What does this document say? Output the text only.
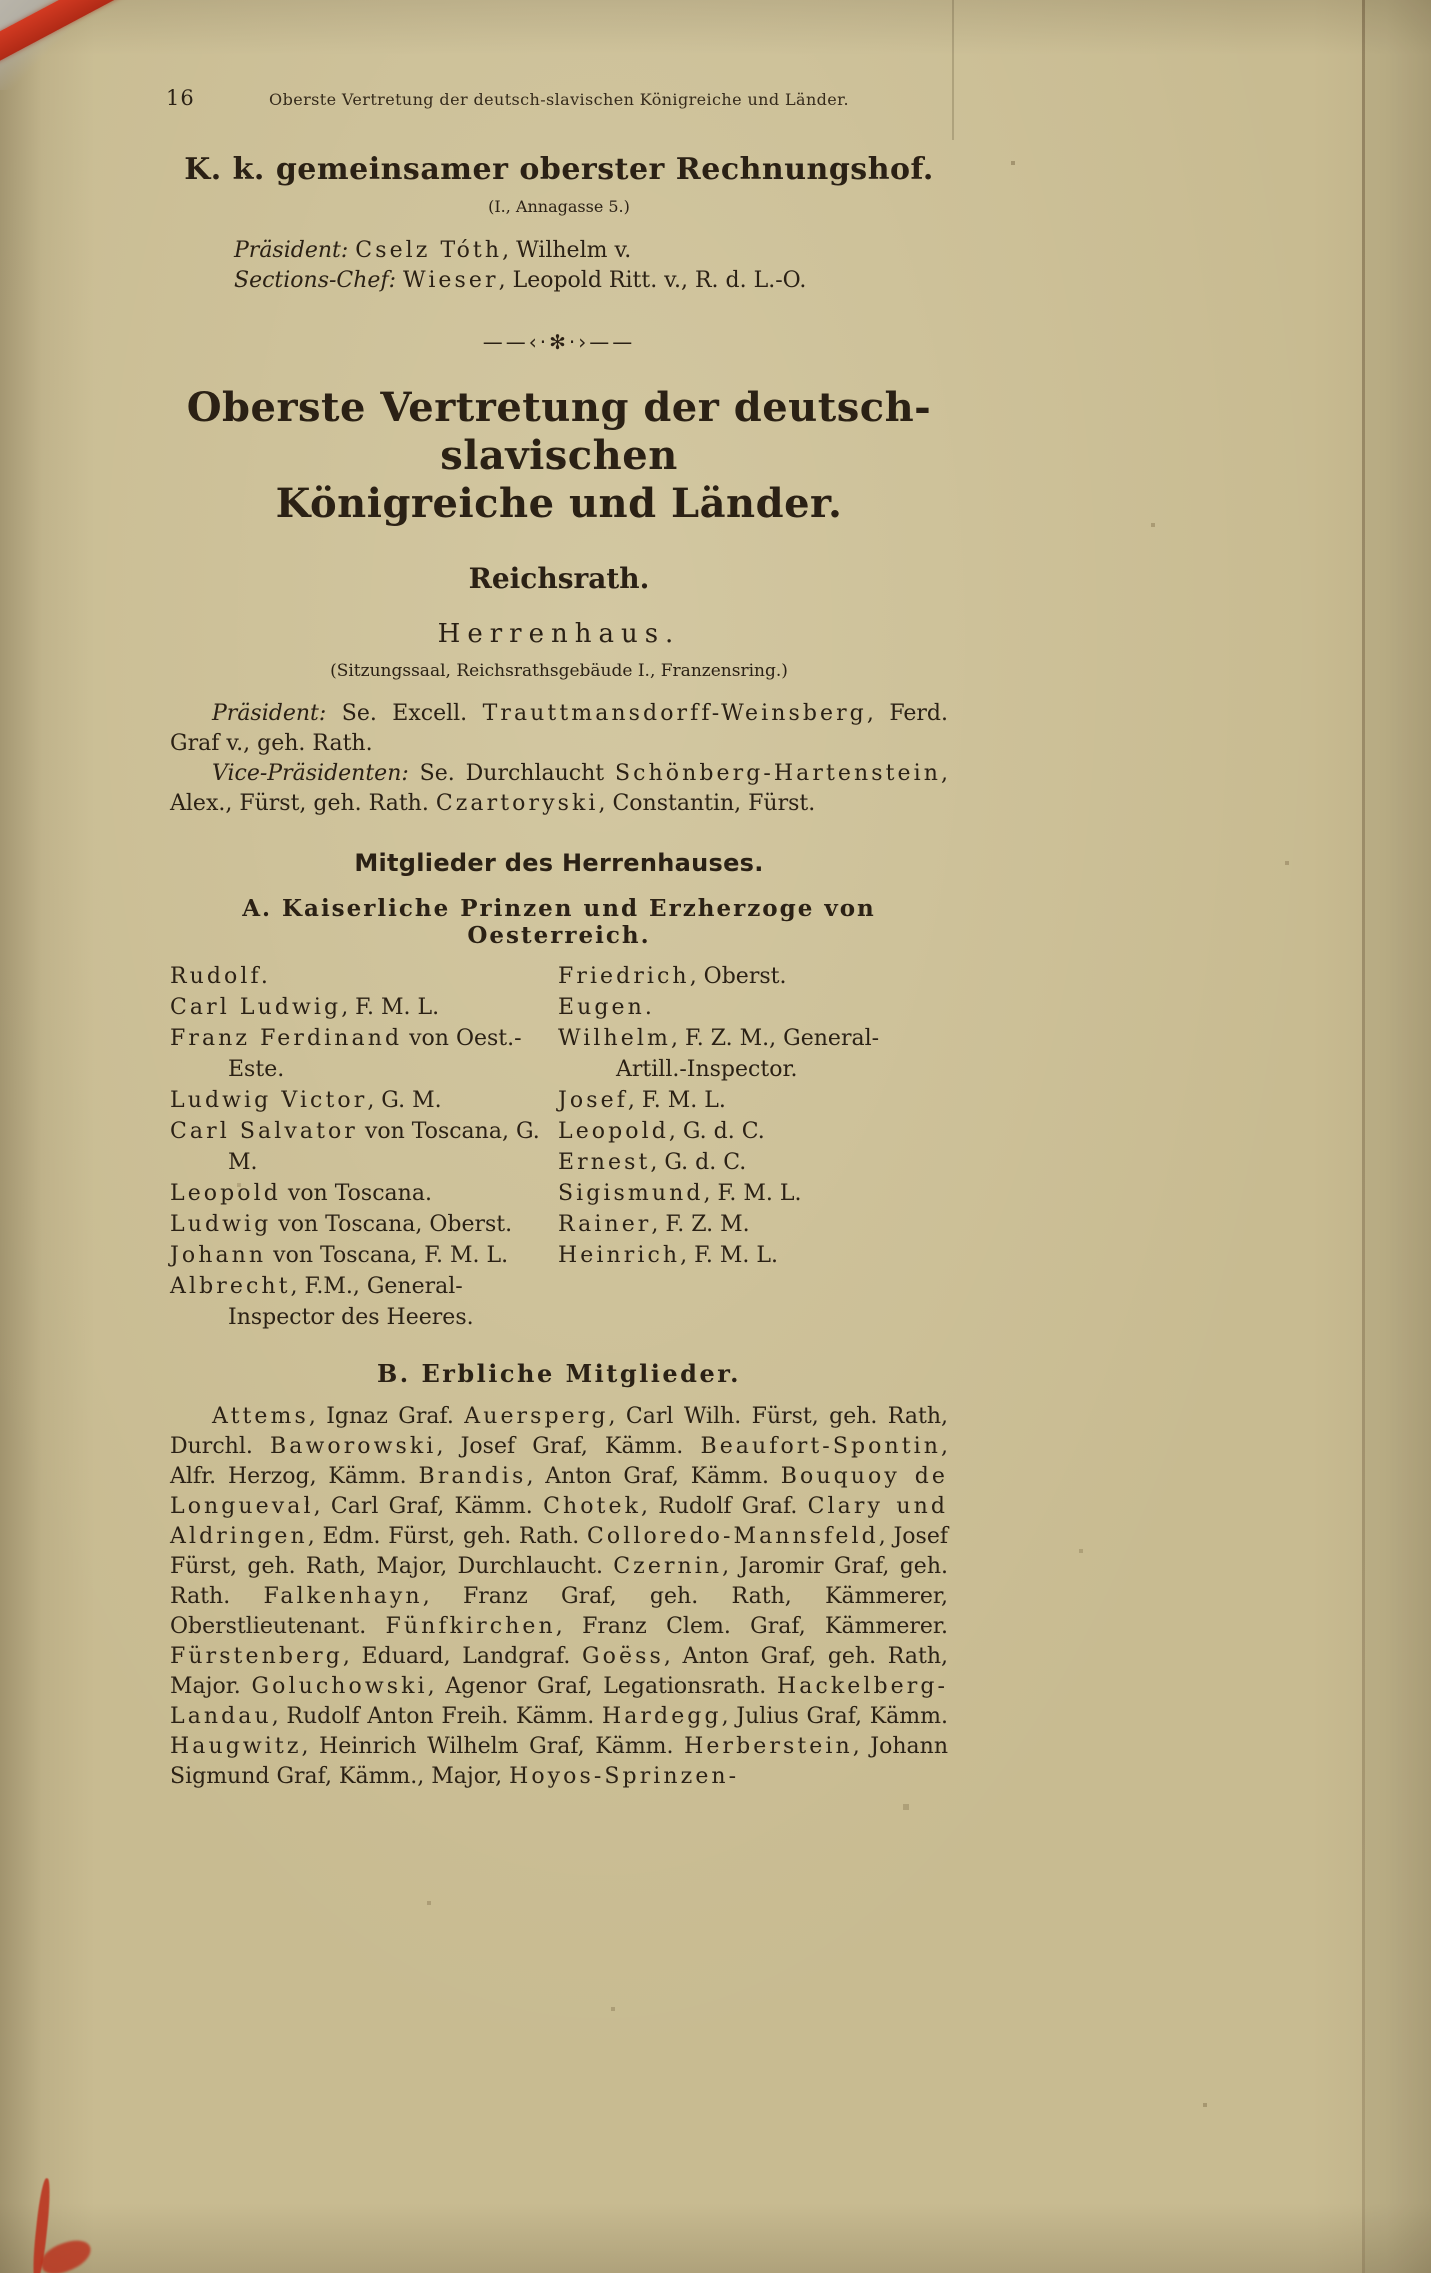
16	Oberste Vertretung der deutsch-slavischen Königreiche und Länder.
K. k. gemeinsamer oberster Rechnungshof.
(I., Annagasse 5.)

Präsident: Cselz Tóth, Wilhelm v.

Sections-Chef: Wieser, Leopold Ritt. v., R. d. L.-O.

——‹·✻·›——
Oberste Vertretung der deutsch-slavischen
Königreiche und Länder.
Reichsrath.
Herrenhaus.
(Sitzungssaal, Reichsrathsgebäude I., Franzensring.)

Präsident: Se. Excell. Trauttmansdorff-Weinsberg, Ferd. Graf v., geh. Rath.

Vice-Präsidenten: Se. Durchlaucht Schönberg-Hartenstein, Alex., Fürst, geh. Rath. Czartoryski, Constantin, Fürst.

Mitglieder des Herrenhauses.
A. Kaiserliche Prinzen und Erzherzoge von Oesterreich.
Rudolf.
Carl Ludwig, F. M. L.
Franz Ferdinand von Oest.-Este.
Ludwig Victor, G. M.
Carl Salvator von Toscana, G. M.
Leopold von Toscana.
Ludwig von Toscana, Oberst.
Johann von Toscana, F. M. L.
Albrecht, F.M., General-Inspector des Heeres.
Friedrich, Oberst.
Eugen.
Wilhelm, F. Z. M., General-Artill.-Inspector.
Josef, F. M. L.
Leopold, G. d. C.
Ernest, G. d. C.
Sigismund, F. M. L.
Rainer, F. Z. M.
Heinrich, F. M. L.
B. Erbliche Mitglieder.

Attems, Ignaz Graf. Auersperg, Carl Wilh. Fürst, geh. Rath, Durchl. Baworowski, Josef Graf, Kämm. Beaufort-Spontin, Alfr. Herzog, Kämm. Brandis, Anton Graf, Kämm. Bouquoy de Longueval, Carl Graf, Kämm. Chotek, Rudolf Graf. Clary und Aldringen, Edm. Fürst, geh. Rath. Colloredo-Mannsfeld, Josef Fürst, geh. Rath, Major, Durchlaucht. Czernin, Jaromir Graf, geh. Rath. Falkenhayn, Franz Graf, geh. Rath, Kämmerer, Oberstlieutenant. Fünfkirchen, Franz Clem. Graf, Kämmerer. Fürstenberg, Eduard, Landgraf. Goëss, Anton Graf, geh. Rath, Major. Goluchowski, Agenor Graf, Legationsrath. Hackelberg-Landau, Rudolf Anton Freih. Kämm. Hardegg, Julius Graf, Kämm. Haugwitz, Heinrich Wilhelm Graf, Kämm. Herberstein, Johann Sigmund Graf, Kämm., Major, Hoyos-Sprinzen-
